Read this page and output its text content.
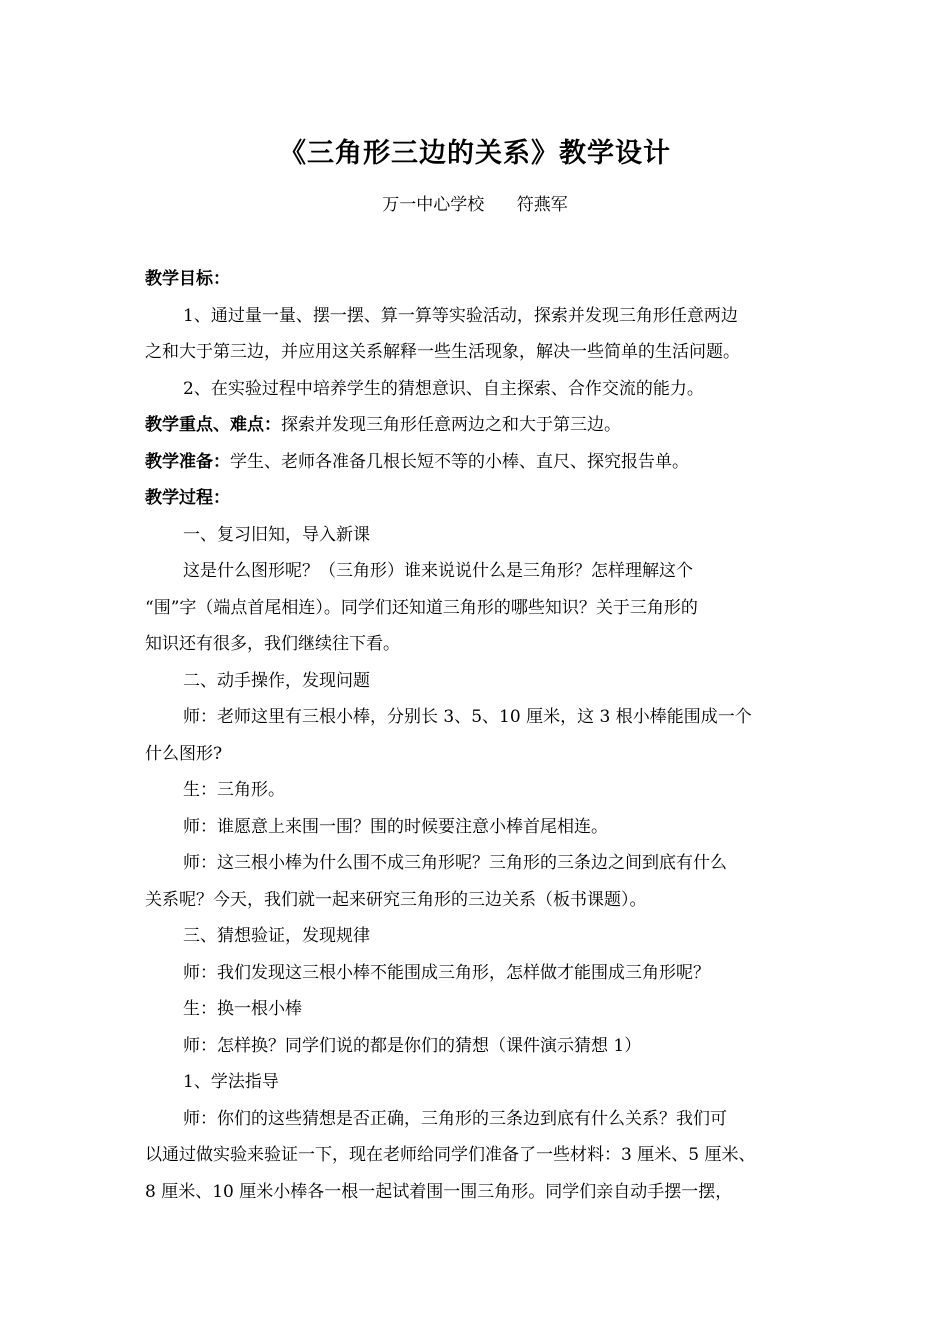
《三角形三边的关系》教学设计
万一中心学校      符燕军
教学目标：
1、通过量一量、摆一摆、算一算等实验活动，探索并发现三角形任意两边
之和大于第三边，并应用这关系解释一些生活现象，解决一些简单的生活问题。
2、在实验过程中培养学生的猜想意识、自主探索、合作交流的能力。
教学重点、难点：探索并发现三角形任意两边之和大于第三边。
教学准备：学生、老师各准备几根长短不等的小棒、直尺、探究报告单。
教学过程：
一、复习旧知，导入新课
这是什么图形呢？（三角形）谁来说说什么是三角形？怎样理解这个
“围”字（端点首尾相连）。同学们还知道三角形的哪些知识？关于三角形的
知识还有很多，我们继续往下看。
二、动手操作，发现问题
师：老师这里有三根小棒，分别长 3、5、10 厘米，这 3 根小棒能围成一个
什么图形?
生：三角形。
师：谁愿意上来围一围？围的时候要注意小棒首尾相连。
师：这三根小棒为什么围不成三角形呢？三角形的三条边之间到底有什么
关系呢？今天，我们就一起来研究三角形的三边关系（板书课题）。
三、猜想验证，发现规律
师：我们发现这三根小棒不能围成三角形，怎样做才能围成三角形呢？
生：换一根小棒
师：怎样换？同学们说的都是你们的猜想（课件演示猜想 1）
1、学法指导
师：你们的这些猜想是否正确，三角形的三条边到底有什么关系？我们可
以通过做实验来验证一下，现在老师给同学们准备了一些材料：3 厘米、5 厘米、
8 厘米、10 厘米小棒各一根一起试着围一围三角形。同学们亲自动手摆一摆，
